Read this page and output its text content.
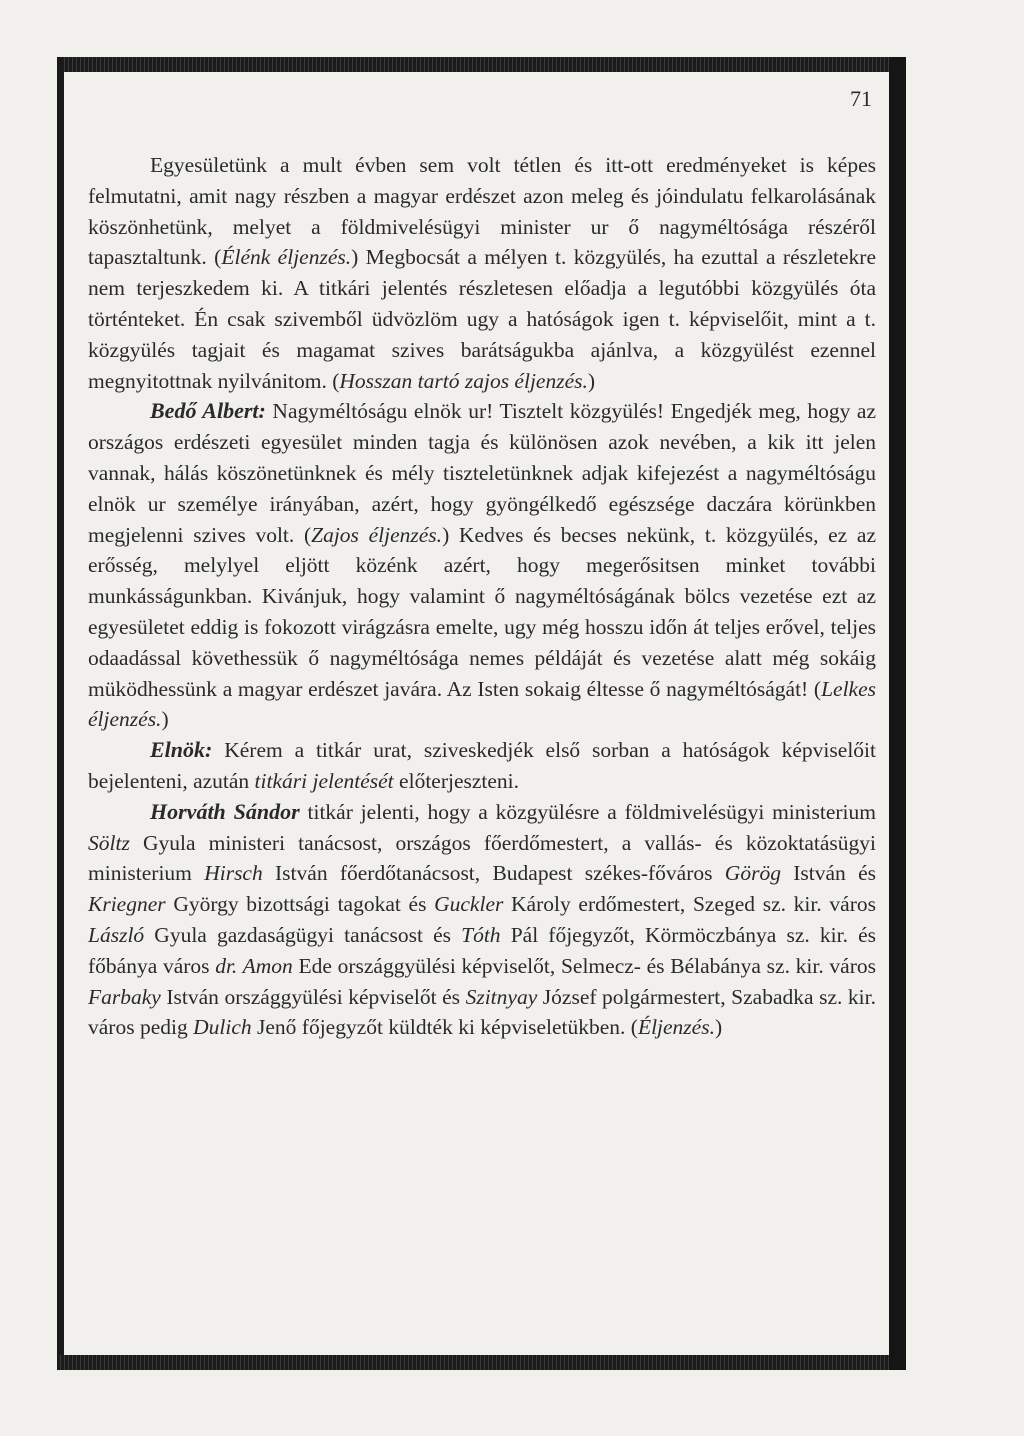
71

Egyesületünk a mult évben sem volt tétlen és itt-ott eredményeket is képes felmutatni, amit nagy részben a magyar erdészet azon meleg és jóindulatu felkarolásának köszönhetünk, melyet a földmivelésügyi minister ur ő nagyméltósága részéről tapasztaltunk. (Élénk éljenzés.) Megbocsát a mélyen t. közgyülés, ha ezuttal a részletekre nem terjeszkedem ki. A titkári jelentés részletesen előadja a legutóbbi közgyülés óta történteket. Én csak szivemből üdvözlöm ugy a hatóságok igen t. képviselőit, mint a t. közgyülés tagjait és magamat szives barátságukba ajánlva, a közgyülést ezennel megnyitottnak nyilvánitom. (Hosszan tartó zajos éljenzés.)

Bedő Albert: Nagyméltóságu elnök ur! Tisztelt közgyülés! Engedjék meg, hogy az országos erdészeti egyesület minden tagja és különösen azok nevében, a kik itt jelen vannak, hálás köszönetünknek és mély tiszteletünknek adjak kifejezést a nagyméltóságu elnök ur személye irányában, azért, hogy gyöngélkedő egészsége daczára körünkben megjelenni szives volt. (Zajos éljenzés.) Kedves és becses nekünk, t. közgyülés, ez az erősség, melylyel eljött közénk azért, hogy megerősitsen minket további munkásságunkban. Kivánjuk, hogy valamint ő nagyméltóságának bölcs vezetése ezt az egyesületet eddig is fokozott virágzásra emelte, ugy még hosszu időn át teljes erővel, teljes odaadással követhessük ő nagyméltósága nemes példáját és vezetése alatt még sokáig müködhessünk a magyar erdészet javára. Az Isten sokaig éltesse ő nagyméltóságát! (Lelkes éljenzés.)

Elnök: Kérem a titkár urat, sziveskedjék első sorban a hatóságok képviselőit bejelenteni, azután titkári jelentését előterjeszteni.

Horváth Sándor titkár jelenti, hogy a közgyülésre a földmivelésügyi ministerium Söltz Gyula ministeri tanácsost, országos főerdőmestert, a vallás- és közoktatásügyi ministerium Hirsch István főerdőtanácsost, Budapest székes-főváros Görög István és Kriegner György bizottsági tagokat és Guckler Károly erdőmestert, Szeged sz. kir. város László Gyula gazdaságügyi tanácsost és Tóth Pál főjegyzőt, Körmöczbánya sz. kir. és főbánya város dr. Amon Ede országgyülési képviselőt, Selmecz- és Bélabánya sz. kir. város Farbaky István országgyülési képviselőt és Szitnyay József polgármestert, Szabadka sz. kir. város pedig Dulich Jenő főjegyzőt küldték ki képviseletükben. (Éljenzés.)
